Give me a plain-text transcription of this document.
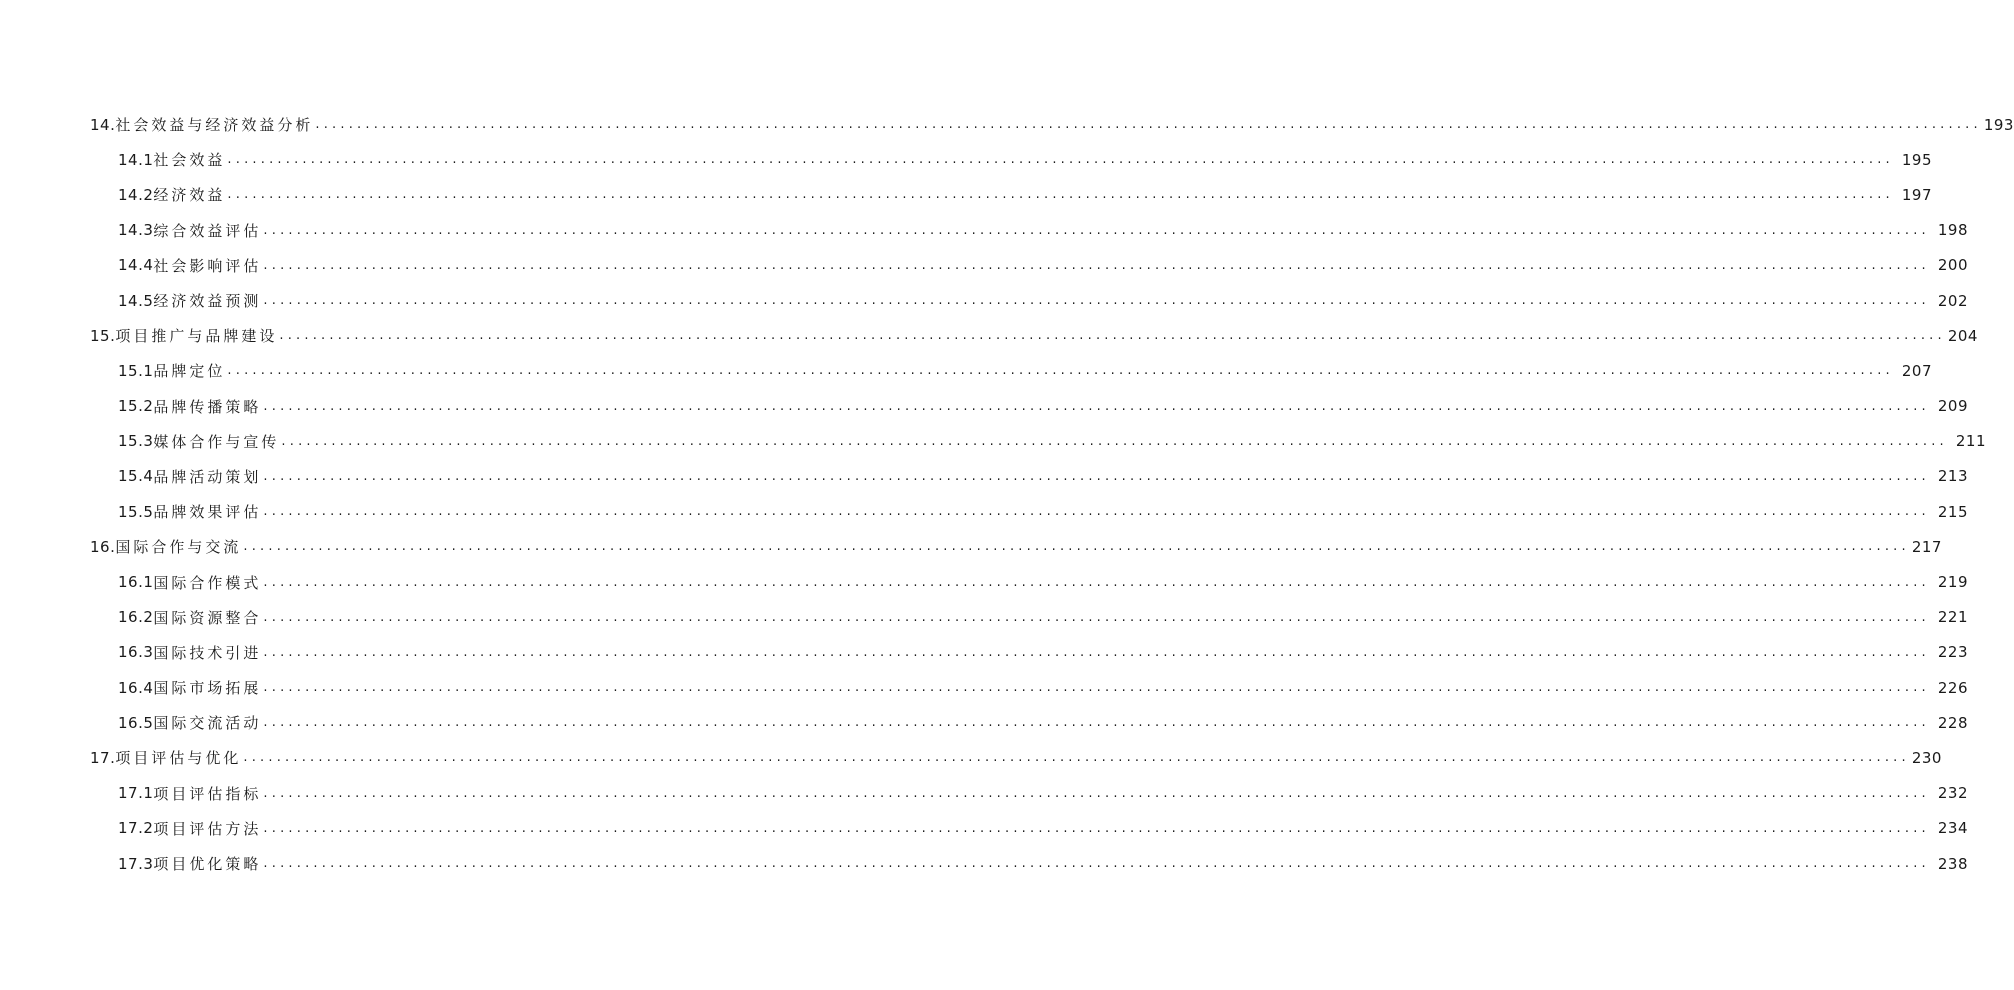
14. 社会效益与经济效益分析 ........................................................................................................................................................................................................ 193
14.1 社会效益 ........................................................................................................................................................................................................ 195
14.2 经济效益 ........................................................................................................................................................................................................ 197
14.3 综合效益评估 ........................................................................................................................................................................................................ 198
14.4 社会影响评估 ........................................................................................................................................................................................................ 200
14.5 经济效益预测 ........................................................................................................................................................................................................ 202
15. 项目推广与品牌建设 ........................................................................................................................................................................................................ 204
15.1 品牌定位 ........................................................................................................................................................................................................ 207
15.2 品牌传播策略 ........................................................................................................................................................................................................ 209
15.3 媒体合作与宣传 ........................................................................................................................................................................................................ 211
15.4 品牌活动策划 ........................................................................................................................................................................................................ 213
15.5 品牌效果评估 ........................................................................................................................................................................................................ 215
16. 国际合作与交流 ........................................................................................................................................................................................................ 217
16.1 国际合作模式 ........................................................................................................................................................................................................ 219
16.2 国际资源整合 ........................................................................................................................................................................................................ 221
16.3 国际技术引进 ........................................................................................................................................................................................................ 223
16.4 国际市场拓展 ........................................................................................................................................................................................................ 226
16.5 国际交流活动 ........................................................................................................................................................................................................ 228
17. 项目评估与优化 ........................................................................................................................................................................................................ 230
17.1 项目评估指标 ........................................................................................................................................................................................................ 232
17.2 项目评估方法 ........................................................................................................................................................................................................ 234
17.3 项目优化策略 ........................................................................................................................................................................................................ 238
